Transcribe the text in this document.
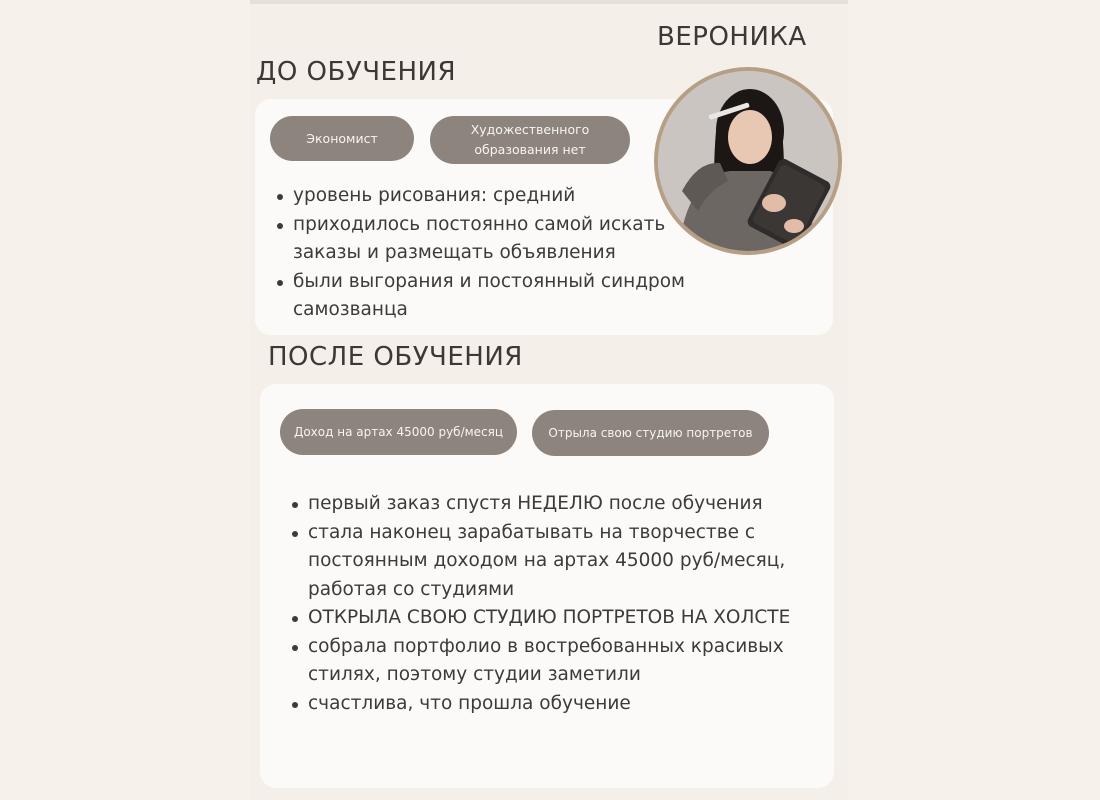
ВЕРОНИКА
ДО ОБУЧЕНИЯ
Экономист
Художественного образования нет
уровень рисования: средний
приходилось постоянно самой искать заказы и размещать объявления
были выгорания и постоянный синдром самозванца
ПОСЛЕ ОБУЧЕНИЯ
Доход на артах 45000 руб/месяц	Отрыла свою студию портретов
первый заказ спустя НЕДЕЛЮ после обучения
стала наконец зарабатывать на творчестве с постоянным доходом на артах 45000 руб/месяц, работая со студиями
ОТКРЫЛА СВОЮ СТУДИЮ ПОРТРЕТОВ НА ХОЛСТЕ
собрала портфолио в востребованных красивых стилях, поэтому студии заметили
счастлива, что прошла обучение
